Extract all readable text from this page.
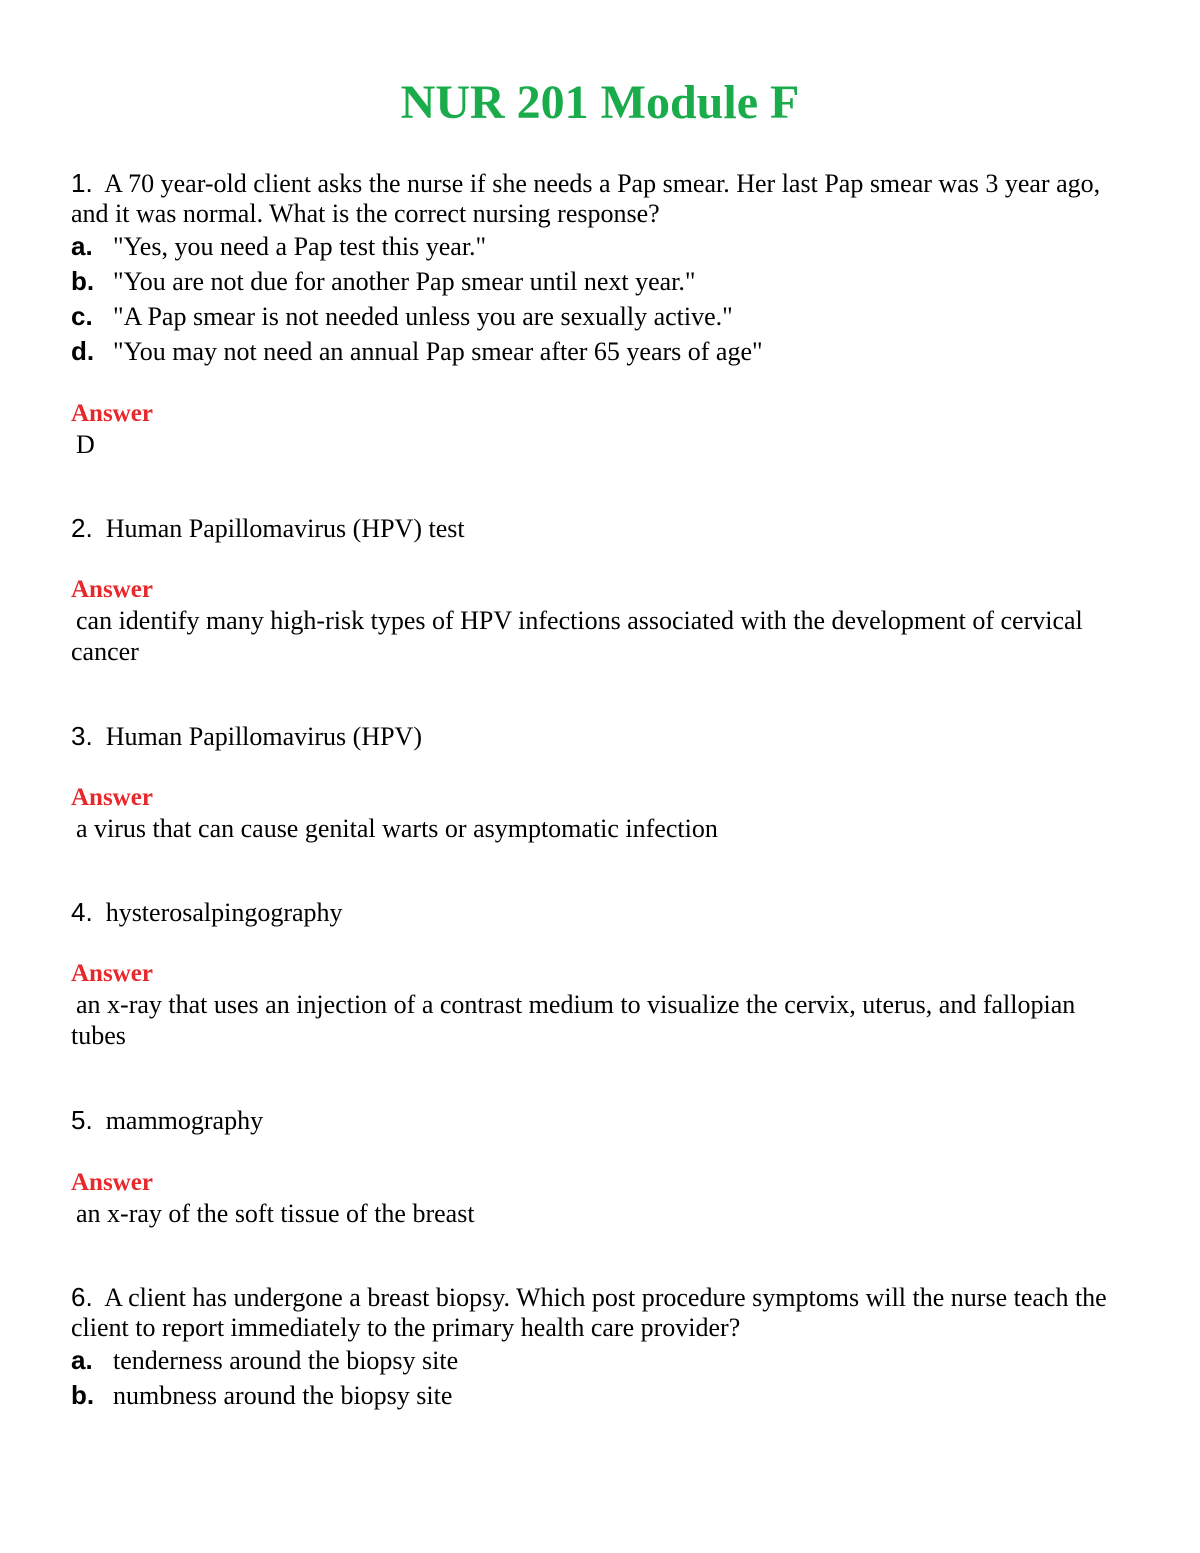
NUR 201 Module F
1. A 70 year-old client asks the nurse if she needs a Pap smear. Her last Pap smear was 3 year ago, and it was normal. What is the correct nursing response?
a. "Yes, you need a Pap test this year."
b. "You are not due for another Pap smear until next year."
c. "A Pap smear is not needed unless you are sexually active."
d. "You may not need an annual Pap smear after 65 years of age"
Answer
D
2. Human Papillomavirus (HPV) test
Answer
can identify many high-risk types of HPV infections associated with the development of cervical cancer
3. Human Papillomavirus (HPV)
Answer
a virus that can cause genital warts or asymptomatic infection
4. hysterosalpingography
Answer
an x-ray that uses an injection of a contrast medium to visualize the cervix, uterus, and fallopian tubes
5. mammography
Answer
an x-ray of the soft tissue of the breast
6. A client has undergone a breast biopsy. Which post procedure symptoms will the nurse teach the client to report immediately to the primary health care provider?
a. tenderness around the biopsy site
b. numbness around the biopsy site
